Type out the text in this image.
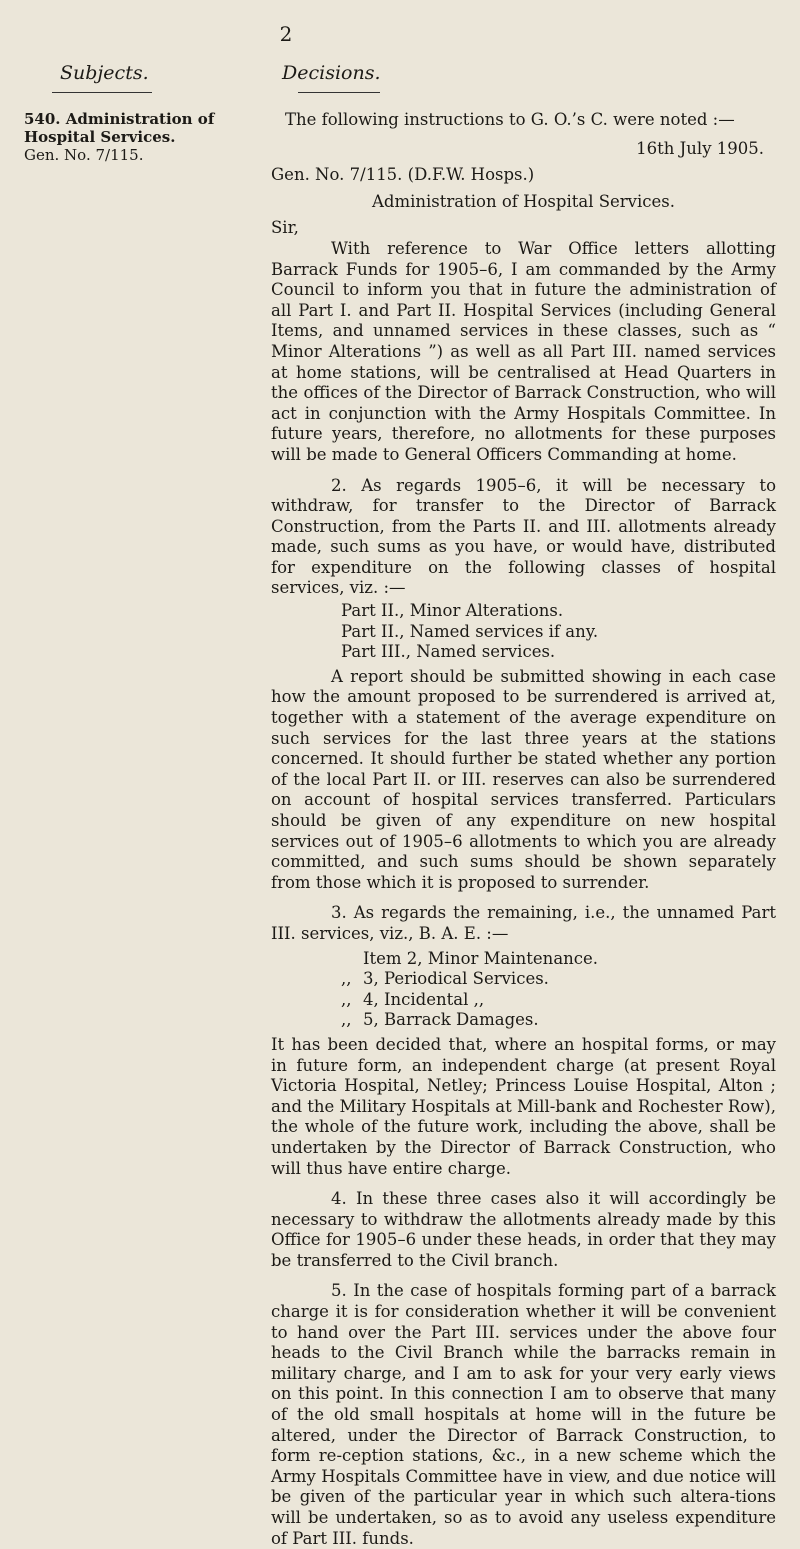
2
Subjects.	Decisions.
540. Administration of Hospital Services.
Gen. No. 7/115.

The following instructions to G. O.’s C. were noted :—

16th July 1905.

Gen. No. 7/115. (D.F.W. Hosps.)

Administration of Hospital Services.

Sir,

With reference to War Office letters allotting Barrack Funds for 1905–6, I am commanded by the Army Council to inform you that in future the administration of all Part I. and Part II. Hospital Services (including General Items, and unnamed services in these classes, such as “ Minor Alterations ”) as well as all Part III. named services at home stations, will be centralised at Head Quarters in the offices of the Director of Barrack Construction, who will act in conjunction with the Army Hospitals Committee. In future years, therefore, no allotments for these purposes will be made to General Officers Commanding at home.

2. As regards 1905–6, it will be necessary to withdraw, for transfer to the Director of Barrack Construction, from the Parts II. and III. allotments already made, such sums as you have, or would have, distributed for expenditure on the following classes of hospital services, viz. :—

Part II., Minor Alterations.
Part II., Named services if any.
Part III., Named services.

A report should be submitted showing in each case how the amount proposed to be surrendered is arrived at, together with a statement of the average expenditure on such services for the last three years at the stations concerned. It should further be stated whether any portion of the local Part II. or III. reserves can also be surrendered on account of hospital services transferred. Particulars should be given of any expenditure on new hospital services out of 1905–6 allotments to which you are already committed, and such sums should be shown separately from those which it is proposed to surrender.

3. As regards the remaining, i.e., the unnamed Part III. services, viz., B. A. E. :—

Item 2, Minor Maintenance.
,, 3, Periodical Services.
,, 4, Incidental ,,
,, 5, Barrack Damages.

It has been decided that, where an hospital forms, or may in future form, an independent charge (at present Royal Victoria Hospital, Netley; Princess Louise Hospital, Alton ; and the Military Hospitals at Mill-bank and Rochester Row), the whole of the future work, including the above, shall be undertaken by the Director of Barrack Construction, who will thus have entire charge.

4. In these three cases also it will accordingly be necessary to withdraw the allotments already made by this Office for 1905–6 under these heads, in order that they may be transferred to the Civil branch.

5. In the case of hospitals forming part of a barrack charge it is for consideration whether it will be convenient to hand over the Part III. services under the above four heads to the Civil Branch while the barracks remain in military charge, and I am to ask for your very early views on this point. In this connection I am to observe that many of the old small hospitals at home will in the future be altered, under the Director of Barrack Construction, to form re-ception stations, &c., in a new scheme which the Army Hospitals Committee have in view, and due notice will be given of the particular year in which such altera-tions will be undertaken, so as to avoid any useless expenditure of Part III. funds.
